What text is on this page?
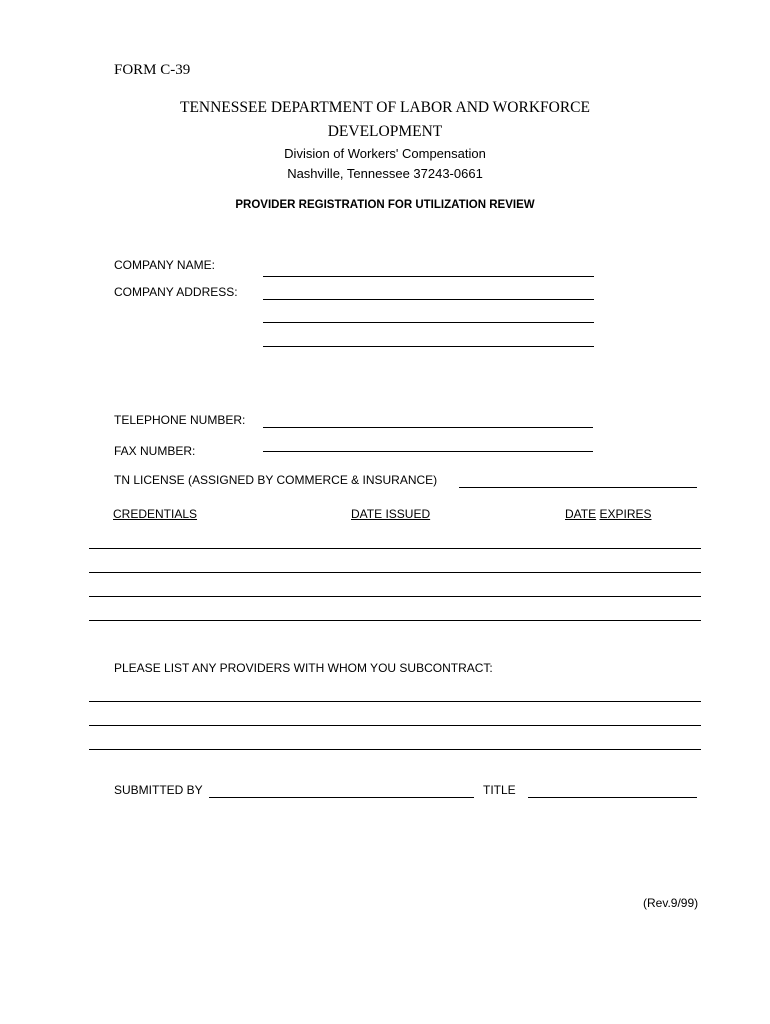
FORM C-39
TENNESSEE DEPARTMENT OF LABOR AND WORKFORCE
DEVELOPMENT
Division of Workers' Compensation
Nashville, Tennessee 37243-0661
PROVIDER REGISTRATION FOR UTILIZATION REVIEW
COMPANY NAME:
COMPANY ADDRESS:
TELEPHONE NUMBER:
FAX NUMBER:
TN LICENSE (ASSIGNED BY COMMERCE & INSURANCE)
CREDENTIALS	DATE ISSUED	DATE EXPIRES
PLEASE LIST ANY PROVIDERS WITH WHOM YOU SUBCONTRACT:
SUBMITTED BY	TITLE
(Rev.9/99)
